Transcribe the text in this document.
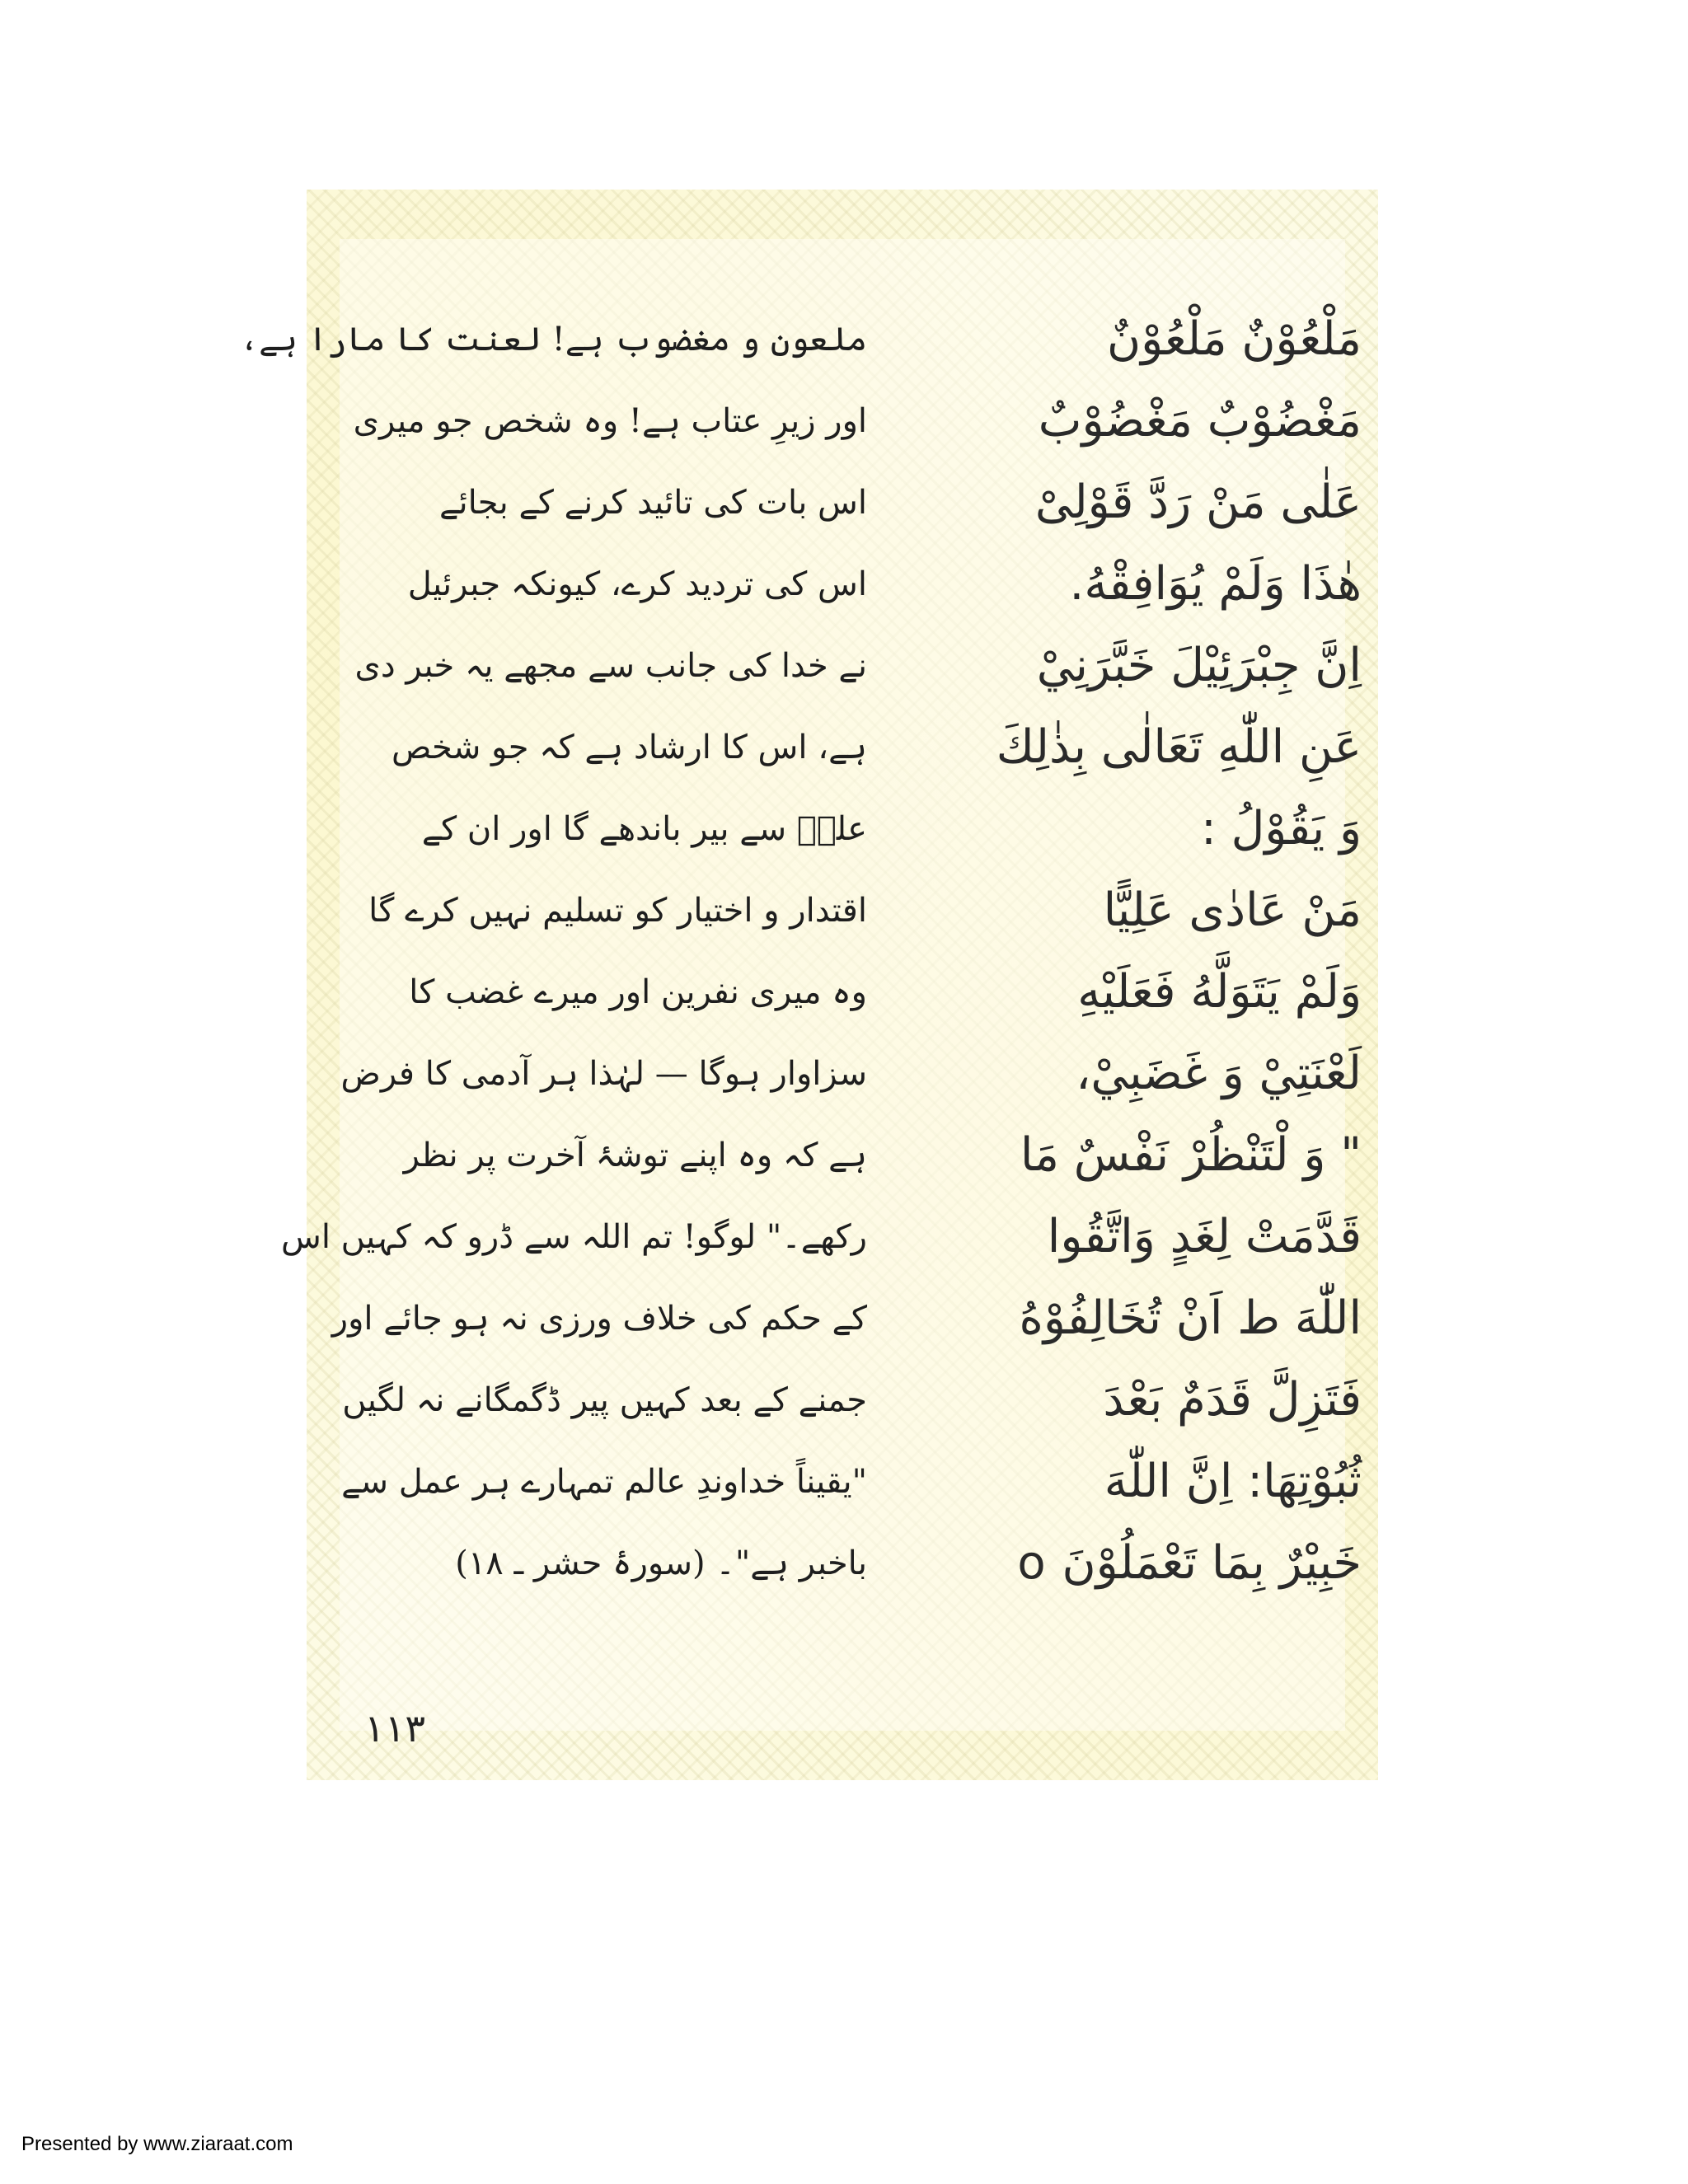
ملعون و مغضوب ہے! لعنت کا مارا ہے،	مَلْعُوْنٌ مَلْعُوْنٌ
اور زیرِ عتاب ہے! وہ شخص جو میری	مَغْضُوْبٌ مَغْضُوْبٌ
اس بات کی تائید کرنے کے بجائے	عَلٰی مَنْ رَدَّ قَوْلِیْ
اس کی تردید کرے، کیونکہ جبرئیل	هٰذَا وَلَمْ يُوَافِقْهُ.
نے خدا کی جانب سے مجھے یہ خبر دی	اِنَّ جِبْرَئِيْلَ خَبَّرَنِيْ
ہے، اس کا ارشاد ہے کہ جو شخص	عَنِ اللّٰهِ تَعَالٰی بِذٰلِكَ
علیؑ سے بیر باندھے گا اور ان کے	وَ يَقُوْلُ :
اقتدار و اختیار کو تسلیم نہیں کرے گا	مَنْ عَادٰی عَلِيًّا
وہ میری نفرین اور میرے غضب کا	وَلَمْ يَتَوَلَّهُ فَعَلَيْهِ
سزاوار ہوگا — لہٰذا ہر آدمی کا فرض	لَعْنَتِيْ وَ غَضَبِيْ،
ہے کہ وہ اپنے توشۂ آخرت پر نظر	" وَ لْتَنْظُرْ نَفْسٌ مَا
رکھے۔" لوگو! تم اللہ سے ڈرو کہ کہیں اس	قَدَّمَتْ لِغَدٍ وَاتَّقُوا
کے حکم کی خلاف ورزی نہ ہو جائے اور	اللّٰهَ ط اَنْ تُخَالِفُوْهُ
جمنے کے بعد کہیں پیر ڈگمگانے نہ لگیں	فَتَزِلَّ قَدَمٌ بَعْدَ
"یقیناً خداوندِ عالم تمہارے ہر عمل سے	ثُبُوْتِهَا: اِنَّ اللّٰهَ
باخبر ہے"۔ (سورۂ حشر ـ ۱۸)	خَبِيْرٌ بِمَا تَعْمَلُوْنَ o
۱۱۳
Presented by www.ziaraat.com
